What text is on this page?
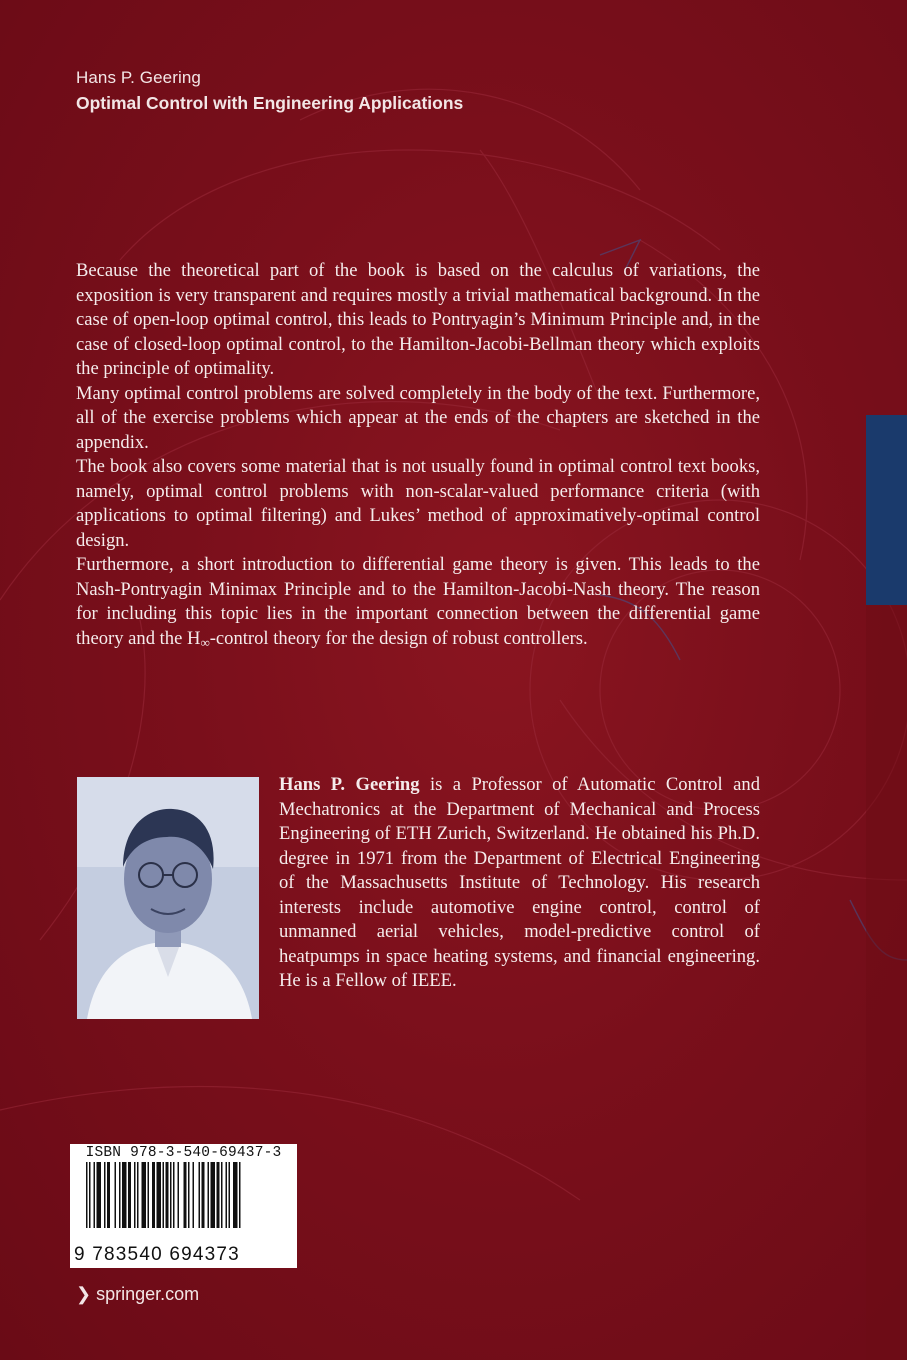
Hans P. Geering
Optimal Control with Engineering Applications

Because the theoretical part of the book is based on the calculus of variations, the exposition is very transparent and requires mostly a trivial mathematical background. In the case of open-loop optimal control, this leads to Pontryagin’s Minimum Principle and, in the case of closed-loop optimal control, to the Hamilton-Jacobi-Bellman theory which exploits the principle of optimality.

Many optimal control problems are solved completely in the body of the text. Furthermore, all of the exercise problems which appear at the ends of the chapters are sketched in the appendix.

The book also covers some material that is not usually found in optimal control text books, namely, optimal control problems with non-scalar-valued performance criteria (with applications to optimal filtering) and Lukes’ method of approximatively-optimal control design.

Furthermore, a short introduction to differential game theory is given. This leads to the Nash-Pontryagin Minimax Principle and to the Hamilton-Jacobi-Nash theory. The reason for including this topic lies in the important connection between the differential game theory and the $H_\infty$-control theory for the design of robust controllers.

Hans P. Geering is a Professor of Automatic Control and Mechatronics at the Department of Mechanical and Process Engineering of ETH Zurich, Switzerland. He obtained his Ph.D. degree in 1971 from the Department of Electrical Engineering of the Massachusetts Institute of Technology. His research interests include automotive engine control, control of unmanned aerial vehicles, model-predictive control of heatpumps in space heating systems, and financial engineering. He is a Fellow of IEEE.
ISBN 978-3-540-69437-3
9 783540 694373
❯ springer.com
